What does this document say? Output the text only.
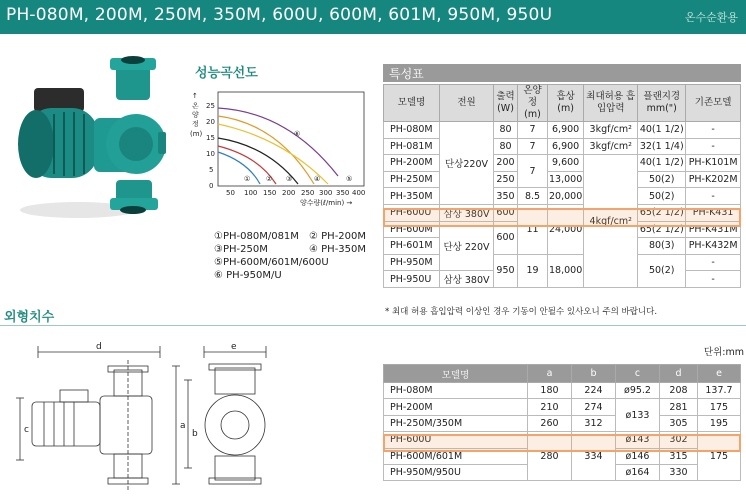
PH-080M, 200M, 250M, 350M, 600U, 600M, 601M, 950M, 950U	온수순환용
성능곡선도
↑
온
양
정
(m)
25
20
15
10
5
0
50 100 150 200 250 300 350 400
양수량(ℓ/min) →
① ② ③	④	⑤
⑥
①PH-080M/081M ② PH-200M
③PH-250M	④ PH-350M
⑤PH-600M/601M/600U
⑥ PH-950M/U
특성표
모델명	전원	출력 (W)	온양정 (m)	흡상 (m)	최대허용 흡입압력	플랜지경 mm(")	기존모델
PH-080M	단상220V	80	7	6,900	3kgf/cm²	40(1 1/2)	-
PH-081M		80	7	6,900	3kgf/cm²	32(1 1/4)	-
PH-200M		200	7	9,600	4kgf/cm²	40(1 1/2)	PH-K101M
PH-250M		250		13,000		50(2)	PH-K202M
PH-350M		350	8.5	20,000		50(2)	-
PH-600U	삼상 380V	600	11	24,000		65(2 1/2)	PH-K431
PH-600M	단상 220V	600				65(2 1/2)	PH-K431M
PH-601M						80(3)	PH-K432M
PH-950M		950	19	18,000		50(2)	-
PH-950U	삼상 380V						-
* 최대 허용 흡입압력 이상인 경우 기동이 안될수 있사오니 주의 바랍니다.
외형치수
단위:mm
d
c	a
b
e
모델명	a	b	c	d	e
PH-080M	180	224	ø95.2	208	137.7
PH-200M	210	274	ø133	281	175
PH-250M/350M	260	312		305	195
PH-600U	280	334	ø143	302	175
PH-600M/601M			ø146	315	
PH-950M/950U			ø164	330	
